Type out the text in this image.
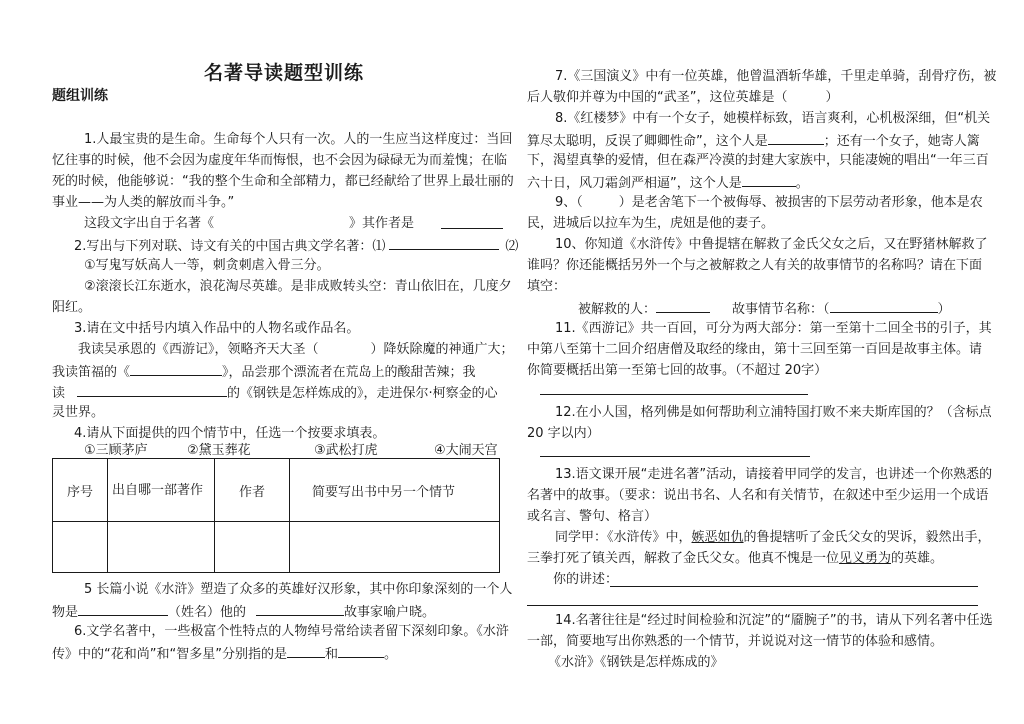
名著导读题型训练
题组训练
1.人最宝贵的是生命。生命每个人只有一次。人的一生应当这样度过：当回
忆往事的时候，他不会因为虚度年华而悔恨，也不会因为碌碌无为而羞愧；在临
死的时候，他能够说：“我的整个生命和全部精力，都已经献给了世界上最壮丽的
事业——为人类的解放而斗争。”
这段文字出自于名著《	》其作者是
2.写出与下列对联、诗文有关的中国古典文学名著：⑴	⑵
①写鬼写妖高人一等，刺贪刺虐入骨三分。
②滚滚长江东逝水，浪花淘尽英雄。是非成败转头空：青山依旧在，几度夕
阳红。
3.请在文中括号内填入作品中的人物名或作品名。
我读吴承恩的《西游记》，领略齐天大圣（	）降妖除魔的神通广大；
我读笛福的《	》，品尝那个漂流者在荒岛上的酸甜苦辣；我
读	的《钢铁是怎样炼成的》，走进保尔·柯察金的心
灵世界。
4.请从下面提供的四个情节中，任选一个按要求填表。
①三顾茅庐	②黛玉葬花	③武松打虎	④大闹天宫
序号	出自哪一部著作	作者	简要写出书中另一个情节

5 长篇小说《水浒》塑造了众多的英雄好汉形象，其中你印象深刻的一个人
物是	（姓名）他的	故事家喻户晓。
6.文学名著中，一些极富个性特点的人物绰号常给读者留下深刻印象。《水浒
传》中的“花和尚”和“智多星”分别指的是	和	。
7.《三国演义》中有一位英雄，他曾温酒斩华雄，千里走单骑，刮骨疗伤，被
后人敬仰并尊为中国的“武圣”，这位英雄是（	）
8.《红楼梦》中有一个女子，她模样标致，语言爽利，心机极深细，但“机关
算尽太聪明，反误了卿卿性命”，这个人是	；还有一个女子，她寄人篱
下，渴望真挚的爱情，但在森严冷漠的封建大家族中，只能凄婉的唱出“一年三百
六十日，风刀霜剑严相逼”，这个人是	。
9、（	）是老舍笔下一个被侮辱、被损害的下层劳动者形象，他本是农
民，进城后以拉车为生，虎妞是他的妻子。
10、你知道《水浒传》中鲁提辖在解救了金氏父女之后，又在野猪林解救了
谁吗？你还能概括另外一个与之被解救之人有关的故事情节的名称吗？请在下面
填空：
被解救的人：	故事情节名称：（	）
11.《西游记》共一百回，可分为两大部分：第一至第十二回全书的引子，其
中第八至第十二回介绍唐僧及取经的缘由，第十三回至第一百回是故事主体。请
你简要概括出第一至第七回的故事。（不超过 20字）
12.在小人国，格列佛是如何帮助利立浦特国打败不来夫斯库国的？（含标点
20 字以内）
13.语文课开展“走进名著”活动，请接着甲同学的发言，也讲述一个你熟悉的
名著中的故事。（要求：说出书名、人名和有关情节，在叙述中至少运用一个成语
或名言、警句、格言）
同学甲：《水浒传》中，嫉恶如仇的鲁提辖听了金氏父女的哭诉，毅然出手，
三拳打死了镇关西，解救了金氏父女。他真不愧是一位见义勇为的英雄。
你的讲述：
14.名著往往是“经过时间检验和沉淀”的“靥腕子”的书，请从下列名著中任选
一部，简要地写出你熟悉的一个情节，并说说对这一情节的体验和感情。
《水浒》《钢铁是怎样炼成的》
